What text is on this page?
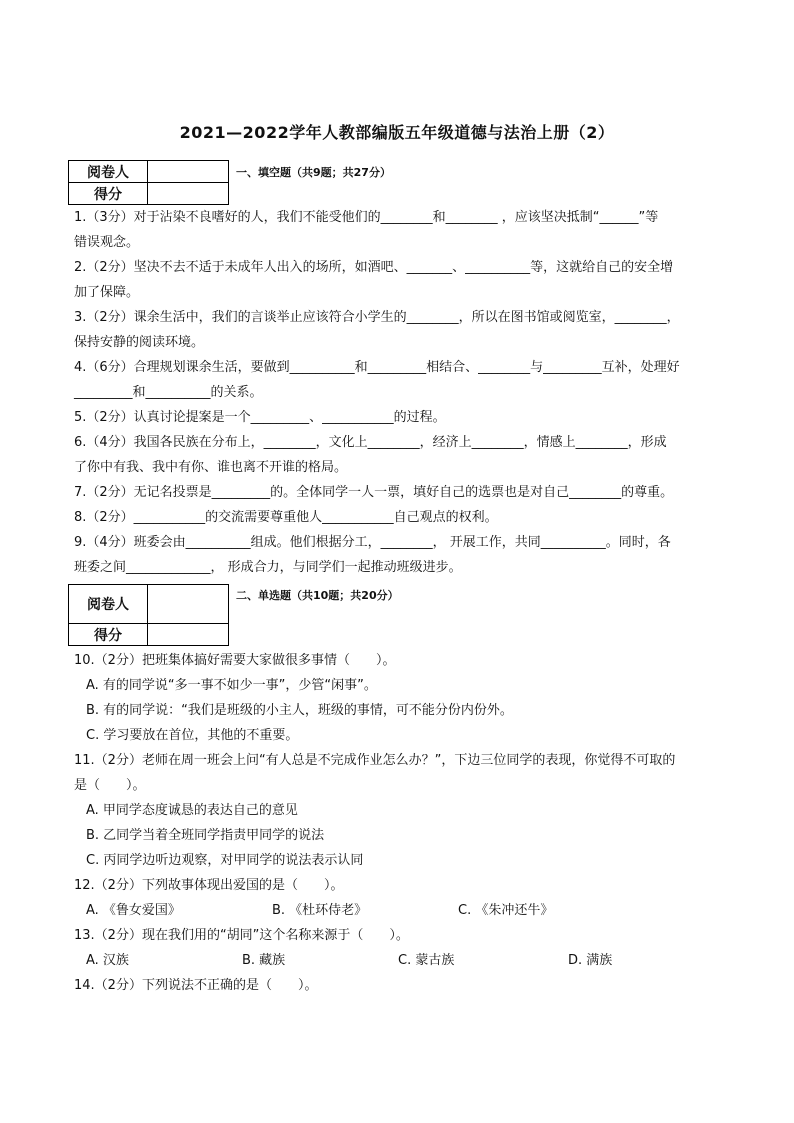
2021—2022学年人教部编版五年级道德与法治上册（2）
阅卷人	
得分	
一、填空题（共9题；共27分）
1.（3分）对于沾染不良嗜好的人，我们不能受他们的________和________ ，应该坚决抵制“______”等
错误观念。
2.（2分）坚决不去不适于未成年人出入的场所，如酒吧、_______、__________等，这就给自己的安全增
加了保障。
3.（2分）课余生活中，我们的言谈举止应该符合小学生的________，所以在图书馆或阅览室，________，
保持安静的阅读环境。
4.（6分）合理规划课余生活，要做到__________和_________相结合、________与_________互补，处理好
_________和__________的关系。
5.（2分）认真讨论提案是一个_________、___________的过程。
6.（4分）我国各民族在分布上，________，文化上________，经济上________，情感上________，形成
了你中有我、我中有你、谁也离不开谁的格局。
7.（2分）无记名投票是_________的。全体同学一人一票，填好自己的选票也是对自己________的尊重。
8.（2分）___________的交流需要尊重他人___________自己观点的权利。
9.（4分）班委会由__________组成。他们根据分工，________， 开展工作，共同__________。同时，各
班委之间_____________， 形成合力，与同学们一起推动班级进步。
阅卷人	
得分	
二、单选题（共10题；共20分）
10.（2分）把班集体搞好需要大家做很多事情（　　）。
A. 有的同学说“多一事不如少一事”，少管“闲事”。
B. 有的同学说：“我们是班级的小主人，班级的事情，可不能分份内份外。
C. 学习要放在首位，其他的不重要。
11.（2分）老师在周一班会上问“有人总是不完成作业怎么办？”，下边三位同学的表现，你觉得不可取的
是（　　）。
A. 甲同学态度诚恳的表达自己的意见
B. 乙同学当着全班同学指责甲同学的说法
C. 丙同学边听边观察，对甲同学的说法表示认同
12.（2分）下列故事体现出爱国的是（　　）。
A. 《鲁女爱国》	B. 《杜环侍老》	C. 《朱冲还牛》
13.（2分）现在我们用的“胡同”这个名称来源于（　　）。
A. 汉族	B. 藏族	C. 蒙古族	D. 满族
14.（2分）下列说法不正确的是（　　）。
